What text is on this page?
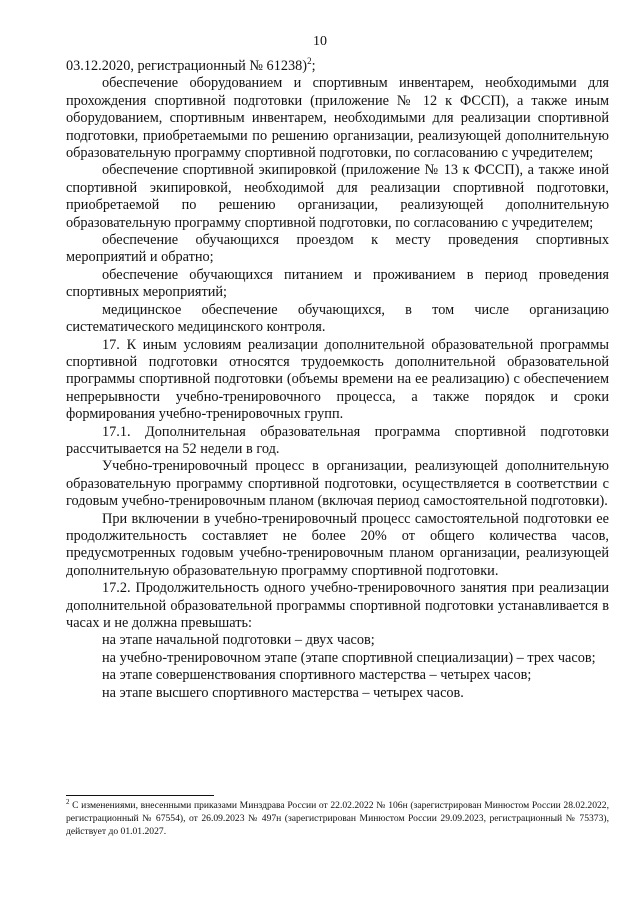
10

03.12.2020, регистрационный № 61238)$^2$;

обеспечение оборудованием и спортивным инвентарем, необходимыми для прохождения спортивной подготовки (приложение № 12 к ФССП), а также иным оборудованием, спортивным инвентарем, необходимыми для реализации спортивной подготовки, приобретаемыми по решению организации, реализующей дополнительную образовательную программу спортивной подготовки, по согласованию с учредителем;

обеспечение спортивной экипировкой (приложение № 13 к ФССП), а также иной спортивной экипировкой, необходимой для реализации спортивной подготовки, приобретаемой по решению организации, реализующей дополнительную образовательную программу спортивной подготовки, по согласованию с учредителем;

обеспечение обучающихся проездом к месту проведения спортивных мероприятий и обратно;

обеспечение обучающихся питанием и проживанием в период проведения спортивных мероприятий;

медицинское обеспечение обучающихся, в том числе организацию систематического медицинского контроля.

17. К иным условиям реализации дополнительной образовательной программы спортивной подготовки относятся трудоемкость дополнительной образовательной программы спортивной подготовки (объемы времени на ее реализацию) с обеспечением непрерывности учебно-тренировочного процесса, а также порядок и сроки формирования учебно-тренировочных групп.

17.1. Дополнительная образовательная программа спортивной подготовки рассчитывается на 52 недели в год.

Учебно-тренировочный процесс в организации, реализующей дополнительную образовательную программу спортивной подготовки, осуществляется в соответствии с годовым учебно-тренировочным планом (включая период самостоятельной подготовки).

При включении в учебно-тренировочный процесс самостоятельной подготовки ее продолжительность составляет не более 20% от общего количества часов, предусмотренных годовым учебно-тренировочным планом организации, реализующей дополнительную образовательную программу спортивной подготовки.

17.2. Продолжительность одного учебно-тренировочного занятия при реализации дополнительной образовательной программы спортивной подготовки устанавливается в часах и не должна превышать:

на этапе начальной подготовки – двух часов;

на учебно-тренировочном этапе (этапе спортивной специализации) – трех часов;

на этапе совершенствования спортивного мастерства – четырех часов;

на этапе высшего спортивного мастерства – четырех часов.

$^2$ С изменениями, внесенными приказами Минздрава России от 22.02.2022 № 106н (зарегистрирован Минюстом России 28.02.2022, регистрационный № 67554), от 26.09.2023 № 497н (зарегистрирован Минюстом России 29.09.2023, регистрационный № 75373), действует до 01.01.2027.
